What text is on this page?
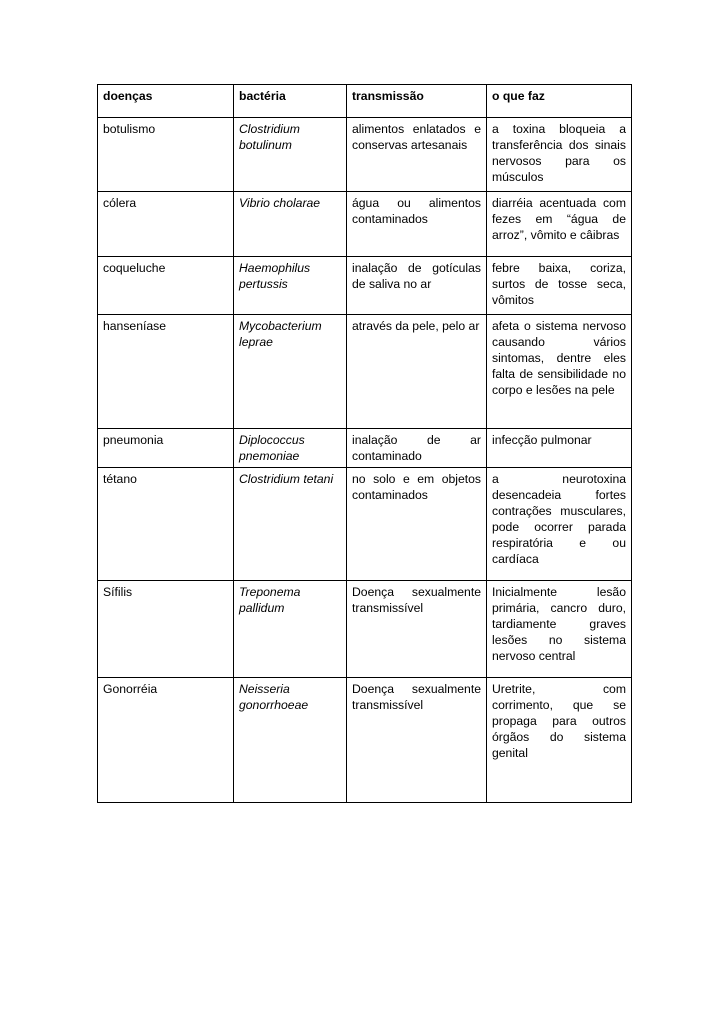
doenças	bactéria	transmissão	o que faz
botulismo	Clostridium botulinum	alimentos enlatados e conservas artesanais	a toxina bloqueia a transferência dos sinais nervosos para os músculos
cólera	Vibrio cholarae	água ou alimentos contaminados	diarréia acentuada com fezes em “água de arroz”, vômito e câibras
coqueluche	Haemophilus pertussis	inalação de gotículas de saliva no ar	febre baixa, coriza, surtos de tosse seca, vômitos
hanseníase	Mycobacterium leprae	através da pele, pelo ar	afeta o sistema nervoso causando vários sintomas, dentre eles falta de sensibilidade no corpo e lesões na pele
pneumonia	Diplococcus pnemoniae	inalação de ar contaminado	infecção pulmonar
tétano	Clostridium tetani	no solo e em objetos contaminados	a neurotoxina desencadeia fortes contrações musculares, pode ocorrer parada respiratória e ou cardíaca
Sífilis	Treponema pallidum	Doença sexualmente transmissível	Inicialmente lesão primária, cancro duro, tardiamente graves lesões no sistema nervoso central
Gonorréia	Neisseria gonorrhoeae	Doença sexualmente transmissível	Uretrite, com corrimento, que se propaga para outros órgãos do sistema genital
